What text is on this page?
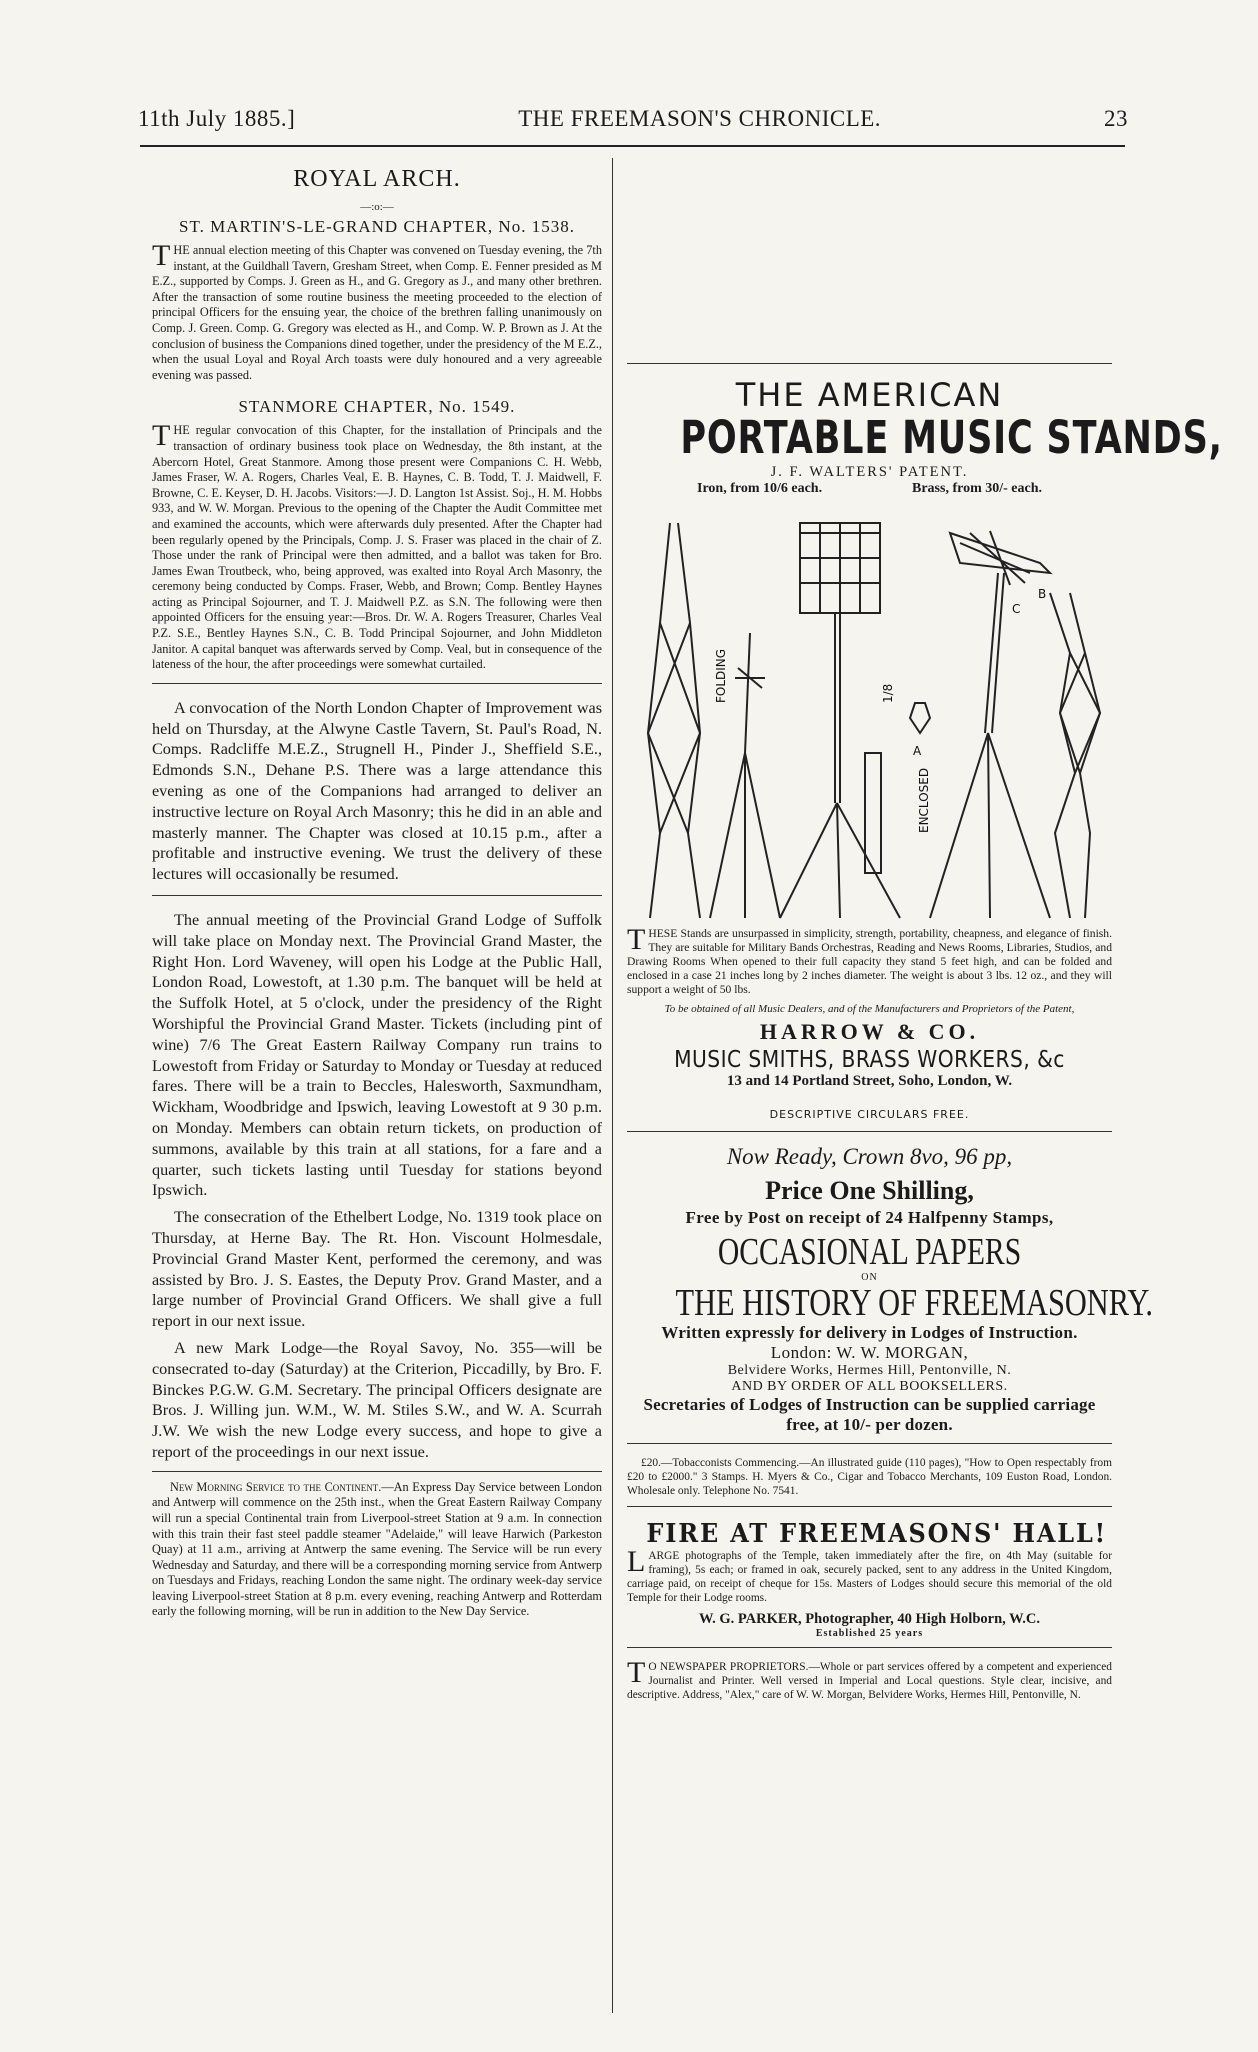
11th July 1885.]	THE FREEMASON'S CHRONICLE.	23
ROYAL ARCH.
—:o:—
ST. MARTIN'S-LE-GRAND CHAPTER, No. 1538.

THE annual election meeting of this Chapter was convened on Tuesday evening, the 7th instant, at the Guildhall Tavern, Gresham Street, when Comp. E. Fenner presided as M E.Z., supported by Comps. J. Green as H., and G. Gregory as J., and many other brethren. After the transaction of some routine business the meeting proceeded to the election of principal Officers for the ensuing year, the choice of the brethren falling unanimously on Comp. J. Green. Comp. G. Gregory was elected as H., and Comp. W. P. Brown as J. At the conclusion of business the Companions dined together, under the presidency of the M E.Z., when the usual Loyal and Royal Arch toasts were duly honoured and a very agreeable evening was passed.

STANMORE CHAPTER, No. 1549.

THE regular convocation of this Chapter, for the installation of Principals and the transaction of ordinary business took place on Wednesday, the 8th instant, at the Abercorn Hotel, Great Stanmore. Among those present were Companions C. H. Webb, James Fraser, W. A. Rogers, Charles Veal, E. B. Haynes, C. B. Todd, T. J. Maidwell, F. Browne, C. E. Keyser, D. H. Jacobs. Visitors:—J. D. Langton 1st Assist. Soj., H. M. Hobbs 933, and W. W. Morgan. Previous to the opening of the Chapter the Audit Committee met and examined the accounts, which were afterwards duly presented. After the Chapter had been regularly opened by the Principals, Comp. J. S. Fraser was placed in the chair of Z. Those under the rank of Principal were then admitted, and a ballot was taken for Bro. James Ewan Troutbeck, who, being approved, was exalted into Royal Arch Masonry, the ceremony being conducted by Comps. Fraser, Webb, and Brown; Comp. Bentley Haynes acting as Principal Sojourner, and T. J. Maidwell P.Z. as S.N. The following were then appointed Officers for the ensuing year:—Bros. Dr. W. A. Rogers Treasurer, Charles Veal P.Z. S.E., Bentley Haynes S.N., C. B. Todd Principal Sojourner, and John Middleton Janitor. A capital banquet was afterwards served by Comp. Veal, but in consequence of the lateness of the hour, the after proceedings were somewhat curtailed.

A convocation of the North London Chapter of Improvement was held on Thursday, at the Alwyne Castle Tavern, St. Paul's Road, N. Comps. Radcliffe M.E.Z., Strugnell H., Pinder J., Sheffield S.E., Edmonds S.N., Dehane P.S. There was a large attendance this evening as one of the Companions had arranged to deliver an instructive lecture on Royal Arch Masonry; this he did in an able and masterly manner. The Chapter was closed at 10.15 p.m., after a profitable and instructive evening. We trust the delivery of these lectures will occasionally be resumed.

The annual meeting of the Provincial Grand Lodge of Suffolk will take place on Monday next. The Provincial Grand Master, the Right Hon. Lord Waveney, will open his Lodge at the Public Hall, London Road, Lowestoft, at 1.30 p.m. The banquet will be held at the Suffolk Hotel, at 5 o'clock, under the presidency of the Right Worshipful the Provincial Grand Master. Tickets (including pint of wine) 7/6 The Great Eastern Railway Company run trains to Lowestoft from Friday or Saturday to Monday or Tuesday at reduced fares. There will be a train to Beccles, Halesworth, Saxmundham, Wickham, Woodbridge and Ipswich, leaving Lowestoft at 9 30 p.m. on Monday. Members can obtain return tickets, on production of summons, available by this train at all stations, for a fare and a quarter, such tickets lasting until Tuesday for stations beyond Ipswich.

The consecration of the Ethelbert Lodge, No. 1319 took place on Thursday, at Herne Bay. The Rt. Hon. Viscount Holmesdale, Provincial Grand Master Kent, performed the ceremony, and was assisted by Bro. J. S. Eastes, the Deputy Prov. Grand Master, and a large number of Provincial Grand Officers. We shall give a full report in our next issue.

A new Mark Lodge—the Royal Savoy, No. 355—will be consecrated to-day (Saturday) at the Criterion, Piccadilly, by Bro. F. Binckes P.G.W. G.M. Secretary. The principal Officers designate are Bros. J. Willing jun. W.M., W. M. Stiles S.W., and W. A. Scurrah J.W. We wish the new Lodge every success, and hope to give a report of the proceedings in our next issue.

New Morning Service to the Continent.—An Express Day Service between London and Antwerp will commence on the 25th inst., when the Great Eastern Railway Company will run a special Continental train from Liverpool-street Station at 9 a.m. In connection with this train their fast steel paddle steamer "Adelaide," will leave Harwich (Parkeston Quay) at 11 a.m., arriving at Antwerp the same evening. The Service will be run every Wednesday and Saturday, and there will be a corresponding morning service from Antwerp on Tuesdays and Fridays, reaching London the same night. The ordinary week-day service leaving Liverpool-street Station at 8 p.m. every evening, reaching Antwerp and Rotterdam early the following morning, will be run in addition to the New Day Service.

THE AMERICAN
PORTABLE MUSIC STANDS,
J. F. WALTERS' PATENT.
Iron, from 10/6 each.	Brass, from 30/- each.
FOLDING
ENCLOSED
A
B
C
1/8

THESE Stands are unsurpassed in simplicity, strength, portability, cheapness, and elegance of finish. They are suitable for Military Bands Orchestras, Reading and News Rooms, Libraries, Studios, and Drawing Rooms When opened to their full capacity they stand 5 feet high, and can be folded and enclosed in a case 21 inches long by 2 inches diameter. The weight is about 3 lbs. 12 oz., and they will support a weight of 50 lbs.

To be obtained of all Music Dealers, and of the Manufacturers and Proprietors of the Patent,
HARROW & CO.
MUSIC SMITHS, BRASS WORKERS, &c
13 and 14 Portland Street, Soho, London, W.
DESCRIPTIVE CIRCULARS FREE.
Now Ready, Crown 8vo, 96 pp,
Price One Shilling,
Free by Post on receipt of 24 Halfpenny Stamps,
OCCASIONAL PAPERS
ON
THE HISTORY OF FREEMASONRY.
Written expressly for delivery in Lodges of Instruction.
London: W. W. MORGAN,
Belvidere Works, Hermes Hill, Pentonville, N.
AND BY ORDER OF ALL BOOKSELLERS.
Secretaries of Lodges of Instruction can be supplied carriage free, at 10/- per dozen.

£20.—Tobacconists Commencing.—An illustrated guide (110 pages), "How to Open respectably from £20 to £2000." 3 Stamps. H. Myers & Co., Cigar and Tobacco Merchants, 109 Euston Road, London. Wholesale only. Telephone No. 7541.

FIRE AT FREEMASONS' HALL!

LARGE photographs of the Temple, taken immediately after the fire, on 4th May (suitable for framing), 5s each; or framed in oak, securely packed, sent to any address in the United Kingdom, carriage paid, on receipt of cheque for 15s. Masters of Lodges should secure this memorial of the old Temple for their Lodge rooms.

W. G. PARKER, Photographer, 40 High Holborn, W.C.
Established 25 years

TO NEWSPAPER PROPRIETORS.—Whole or part services offered by a competent and experienced Journalist and Printer. Well versed in Imperial and Local questions. Style clear, incisive, and descriptive. Address, "Alex," care of W. W. Morgan, Belvidere Works, Hermes Hill, Pentonville, N.
